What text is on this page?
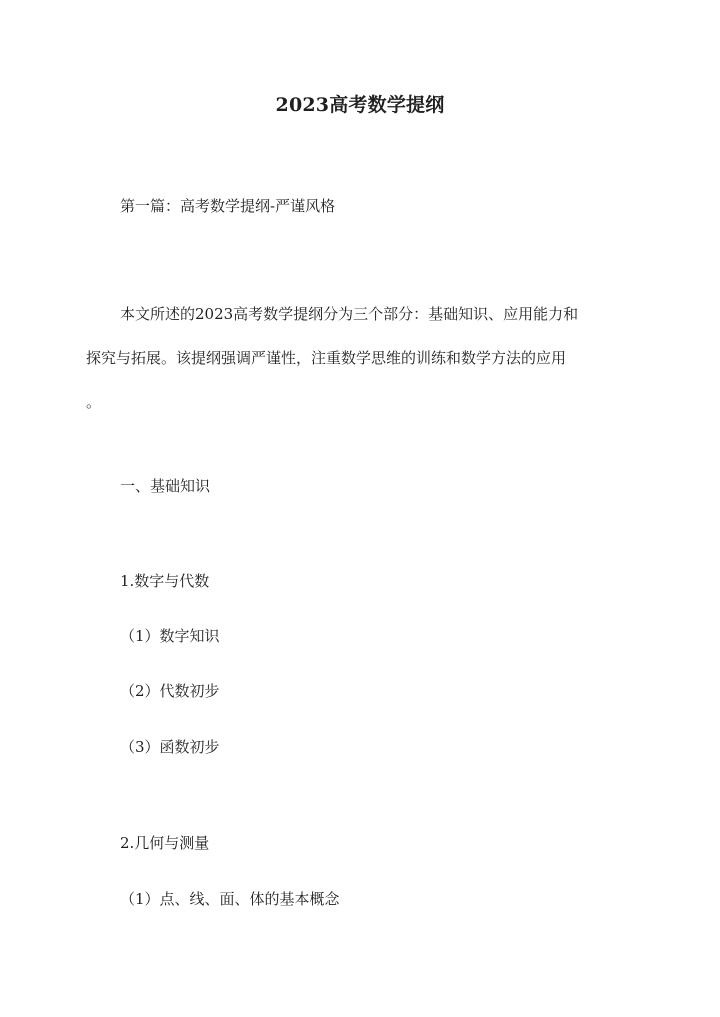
2023高考数学提纲
第一篇：高考数学提纲-严谨风格
本文所述的2023高考数学提纲分为三个部分：基础知识、应用能力和
探究与拓展。该提纲强调严谨性，注重数学思维的训练和数学方法的应用
。
一、基础知识
1.数字与代数
（1）数字知识
（2）代数初步
（3）函数初步
2.几何与测量
（1）点、线、面、体的基本概念
